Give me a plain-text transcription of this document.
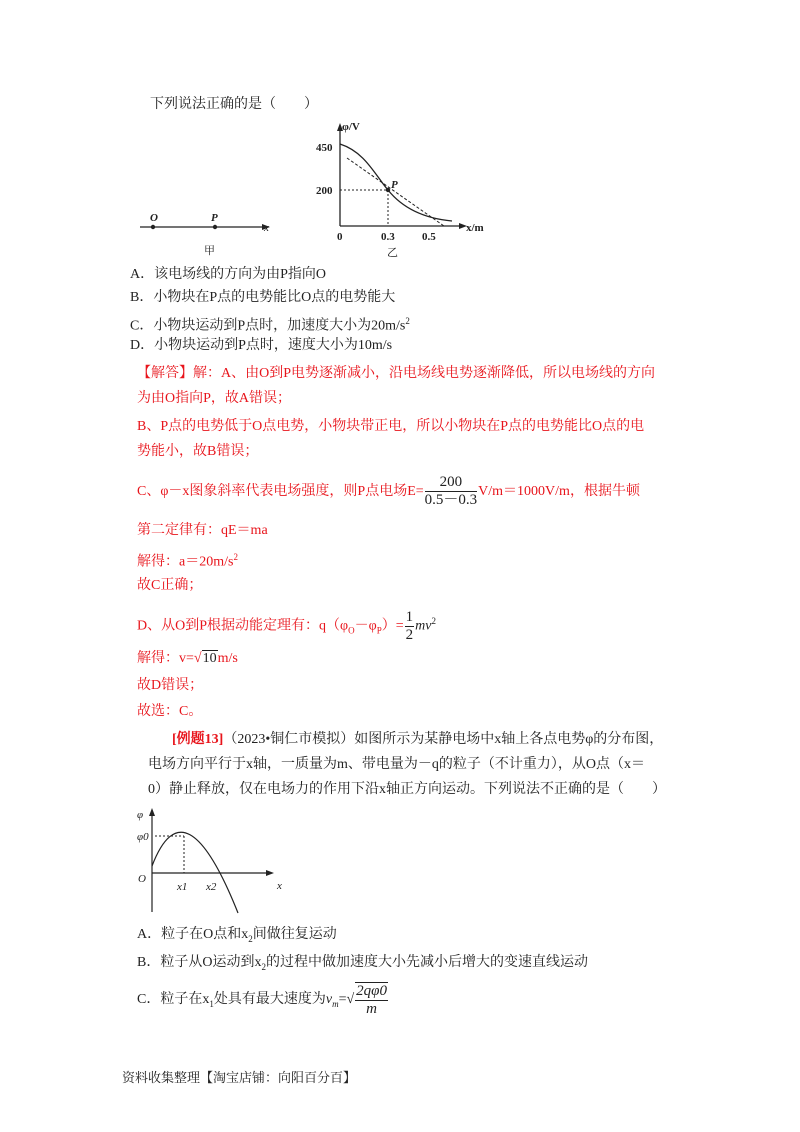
下列说法正确的是（　　）
O	P
x
甲
φ/V
x/m
450
200
0	0.3 0.5
P
乙
φ
φ0
O
x1 x2	x
A．该电场线的方向为由P指向O
B．小物块在P点的电势能比O点的电势能大
C．小物块运动到P点时，加速度大小为$20m/s^2$
D．小物块运动到P点时，速度大小为10m/s
【解答】解：A、由O到P电势逐渐减小，沿电场线电势逐渐降低，所以电场线的方向
为由O指向P，故A错误；
B、P点的电势低于O点电势，小物块带正电，所以小物块在P点的电势能比O点的电
势能小，故B错误；
C、φ－x图象斜率代表电场强度，则P点电场$E= \frac{200}{0.5-0.3} V/m=1000V/m$，根据牛顿
第二定律有：qE＝ma
解得：$a=20m/s^2$
故C正确；
D、从O到P根据动能定理有：$q(\varphi_O-\varphi_P)= \frac{1}{2} mv^2$
解得：v=√10m/s
故D错误；
故选：C。
[例题13]（2023•铜仁市模拟）如图所示为某静电场中x轴上各点电势φ的分布图，
电场方向平行于x轴，一质量为m、带电量为－q的粒子（不计重力），从O点（x＝
0）静止释放，仅在电场力的作用下沿x轴正方向运动。下列说法不正确的是（　　）
A．粒子在O点和$x_2$间做往复运动
B．粒子从O运动到$x_2$的过程中做加速度大小先减小后增大的变速直线运动
C．粒子在$x_1$处具有最大速度为$v_m=√ \frac{2q\varphi 0}{m}$
资料收集整理【淘宝店铺：向阳百分百】
